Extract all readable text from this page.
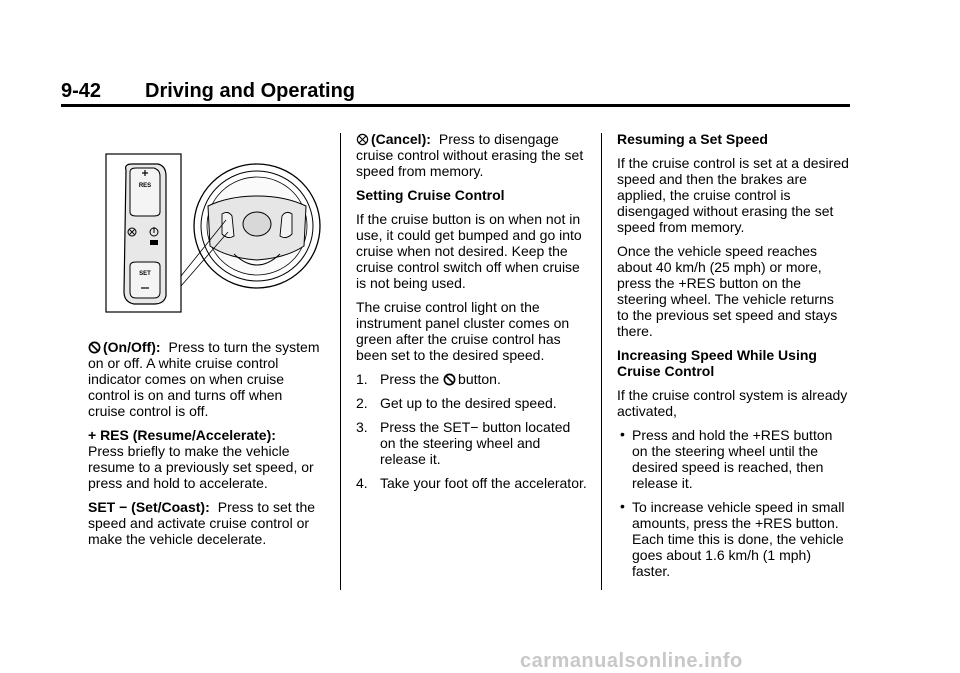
9-42 Driving and Operating
RES
SET

(On/Off): Press to turn the system on or off. A white cruise control indicator comes on when cruise control is on and turns off when cruise control is off.

+ RES (Resume/Accelerate):
Press briefly to make the vehicle resume to a previously set speed, or press and hold to accelerate.

SET − (Set/Coast): Press to set the speed and activate cruise control or make the vehicle decelerate.

(Cancel): Press to disengage cruise control without erasing the set speed from memory.

Setting Cruise Control

If the cruise button is on when not in use, it could get bumped and go into cruise when not desired. Keep the cruise control switch off when cruise is not being used.

The cruise control light on the instrument panel cluster comes on green after the cruise control has been set to the desired speed.

1. Press the button.
2. Get up to the desired speed.
3. Press the SET− button located on the steering wheel and release it.
4. Take your foot off the accelerator.

Resuming a Set Speed

If the cruise control is set at a desired speed and then the brakes are applied, the cruise control is disengaged without erasing the set speed from memory.

Once the vehicle speed reaches about 40 km/h (25 mph) or more, press the +RES button on the steering wheel. The vehicle returns to the previous set speed and stays there.

Increasing Speed While Using Cruise Control

If the cruise control system is already activated,

• Press and hold the +RES button on the steering wheel until the desired speed is reached, then release it.
• To increase vehicle speed in small amounts, press the +RES button. Each time this is done, the vehicle goes about 1.6 km/h (1 mph) faster.
carmanualsonline.info
